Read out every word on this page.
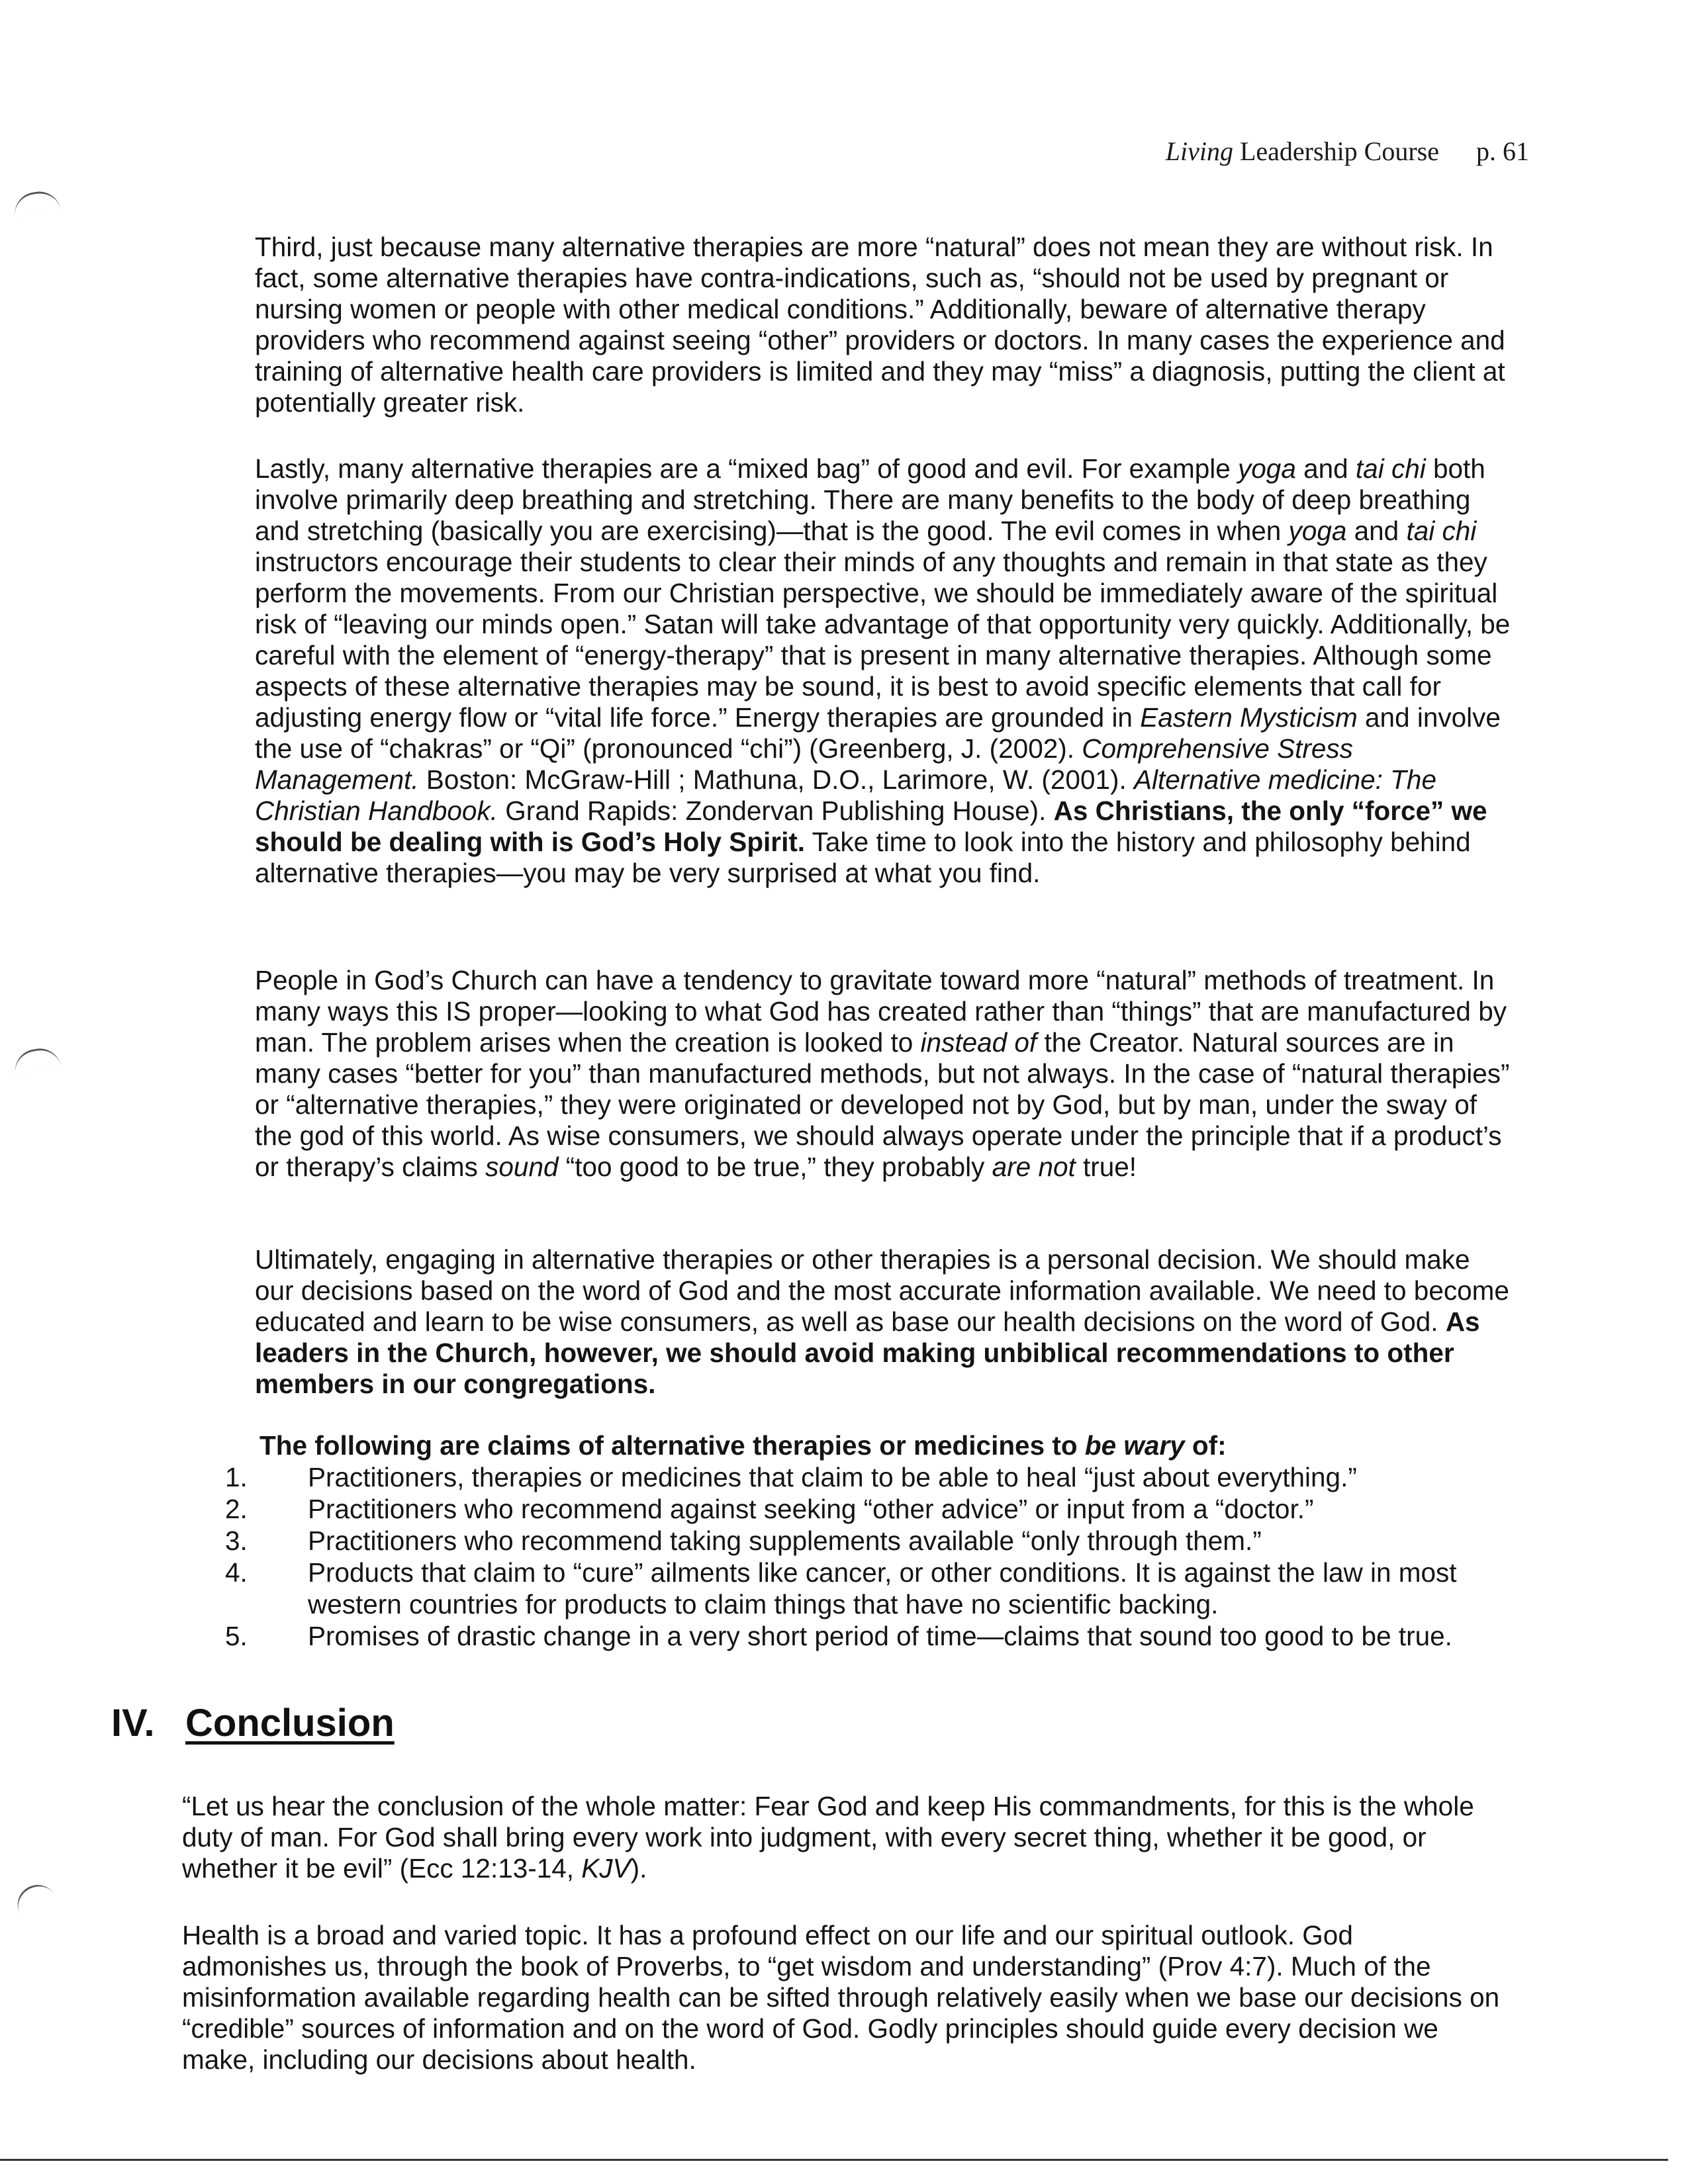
Living Leadership Course p. 61

Third, just because many alternative therapies are more “natural” does not mean they are without risk. In fact, some alternative therapies have contra-indications, such as, “should not be used by pregnant or nursing women or people with other medical conditions.” Additionally, beware of alternative therapy providers who recommend against seeing “other” providers or doctors. In many cases the experience and training of alternative health care providers is limited and they may “miss” a diagnosis, putting the client at potentially greater risk.

Lastly, many alternative therapies are a “mixed bag” of good and evil. For example yoga and tai chi both involve primarily deep breathing and stretching. There are many benefits to the body of deep breathing and stretching (basically you are exercising)—that is the good. The evil comes in when yoga and tai chi instructors encourage their students to clear their minds of any thoughts and remain in that state as they perform the movements. From our Christian perspective, we should be immediately aware of the spiritual risk of “leaving our minds open.” Satan will take advantage of that opportunity very quickly. Additionally, be careful with the element of “energy-therapy” that is present in many alternative therapies. Although some aspects of these alternative therapies may be sound, it is best to avoid specific elements that call for adjusting energy flow or “vital life force.” Energy therapies are grounded in Eastern Mysticism and involve the use of “chakras” or “Qi” (pronounced “chi”) (Greenberg, J. (2002). Comprehensive Stress Management. Boston: McGraw-Hill ; Mathuna, D.O., Larimore, W. (2001). Alternative medicine: The Christian Handbook. Grand Rapids: Zondervan Publishing House). As Christians, the only “force” we should be dealing with is God’s Holy Spirit. Take time to look into the history and philosophy behind alternative therapies—you may be very surprised at what you find.

People in God’s Church can have a tendency to gravitate toward more “natural” methods of treatment. In many ways this IS proper—looking to what God has created rather than “things” that are manufactured by man. The problem arises when the creation is looked to instead of the Creator. Natural sources are in many cases “better for you” than manufactured methods, but not always. In the case of “natural therapies” or “alternative therapies,” they were originated or developed not by God, but by man, under the sway of the god of this world. As wise consumers, we should always operate under the principle that if a product’s or therapy’s claims sound “too good to be true,” they probably are not true!

Ultimately, engaging in alternative therapies or other therapies is a personal decision. We should make our decisions based on the word of God and the most accurate information available. We need to become educated and learn to be wise consumers, as well as base our health decisions on the word of God. As leaders in the Church, however, we should avoid making unbiblical recommendations to other members in our congregations.

The following are claims of alternative therapies or medicines to be wary of:
1.	Practitioners, therapies or medicines that claim to be able to heal “just about everything.”
2.	Practitioners who recommend against seeking “other advice” or input from a “doctor.”
3.	Practitioners who recommend taking supplements available “only through them.”
4.	Products that claim to “cure” ailments like cancer, or other conditions. It is against the law in most western countries for products to claim things that have no scientific backing.
5.	Promises of drastic change in a very short period of time—claims that sound too good to be true.
IV. Conclusion

“Let us hear the conclusion of the whole matter: Fear God and keep His commandments, for this is the whole duty of man. For God shall bring every work into judgment, with every secret thing, whether it be good, or whether it be evil” (Ecc 12:13-14, KJV).

Health is a broad and varied topic. It has a profound effect on our life and our spiritual outlook. God admonishes us, through the book of Proverbs, to “get wisdom and understanding” (Prov 4:7). Much of the misinformation available regarding health can be sifted through relatively easily when we base our decisions on “credible” sources of information and on the word of God. Godly principles should guide every decision we make, including our decisions about health.
